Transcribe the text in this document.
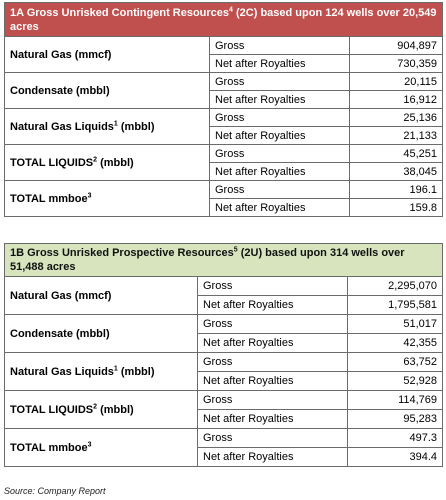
1A Gross Unrisked Contingent Resources$^4$ (2C) based upon 124 wells over 20,549 acres		
Natural Gas (mmcf)	Gross	904,897
	Net after Royalties	730,359
Condensate (mbbl)	Gross	20,115
	Net after Royalties	16,912
Natural Gas Liquids$^1$ (mbbl)	Gross	25,136
	Net after Royalties	21,133
TOTAL LIQUIDS$^2$ (mbbl)	Gross	45,251
	Net after Royalties	38,045
TOTAL mmboe$^3$	Gross	196.1
	Net after Royalties	159.8
1B Gross Unrisked Prospective Resources$^5$ (2U) based upon 314 wells over 51,488 acres		
Natural Gas (mmcf)	Gross	2,295,070
	Net after Royalties	1,795,581
Condensate (mbbl)	Gross	51,017
	Net after Royalties	42,355
Natural Gas Liquids$^1$ (mbbl)	Gross	63,752
	Net after Royalties	52,928
TOTAL LIQUIDS$^2$ (mbbl)	Gross	114,769
	Net after Royalties	95,283
TOTAL mmboe$^3$	Gross	497.3
	Net after Royalties	394.4
Source: Company Report
